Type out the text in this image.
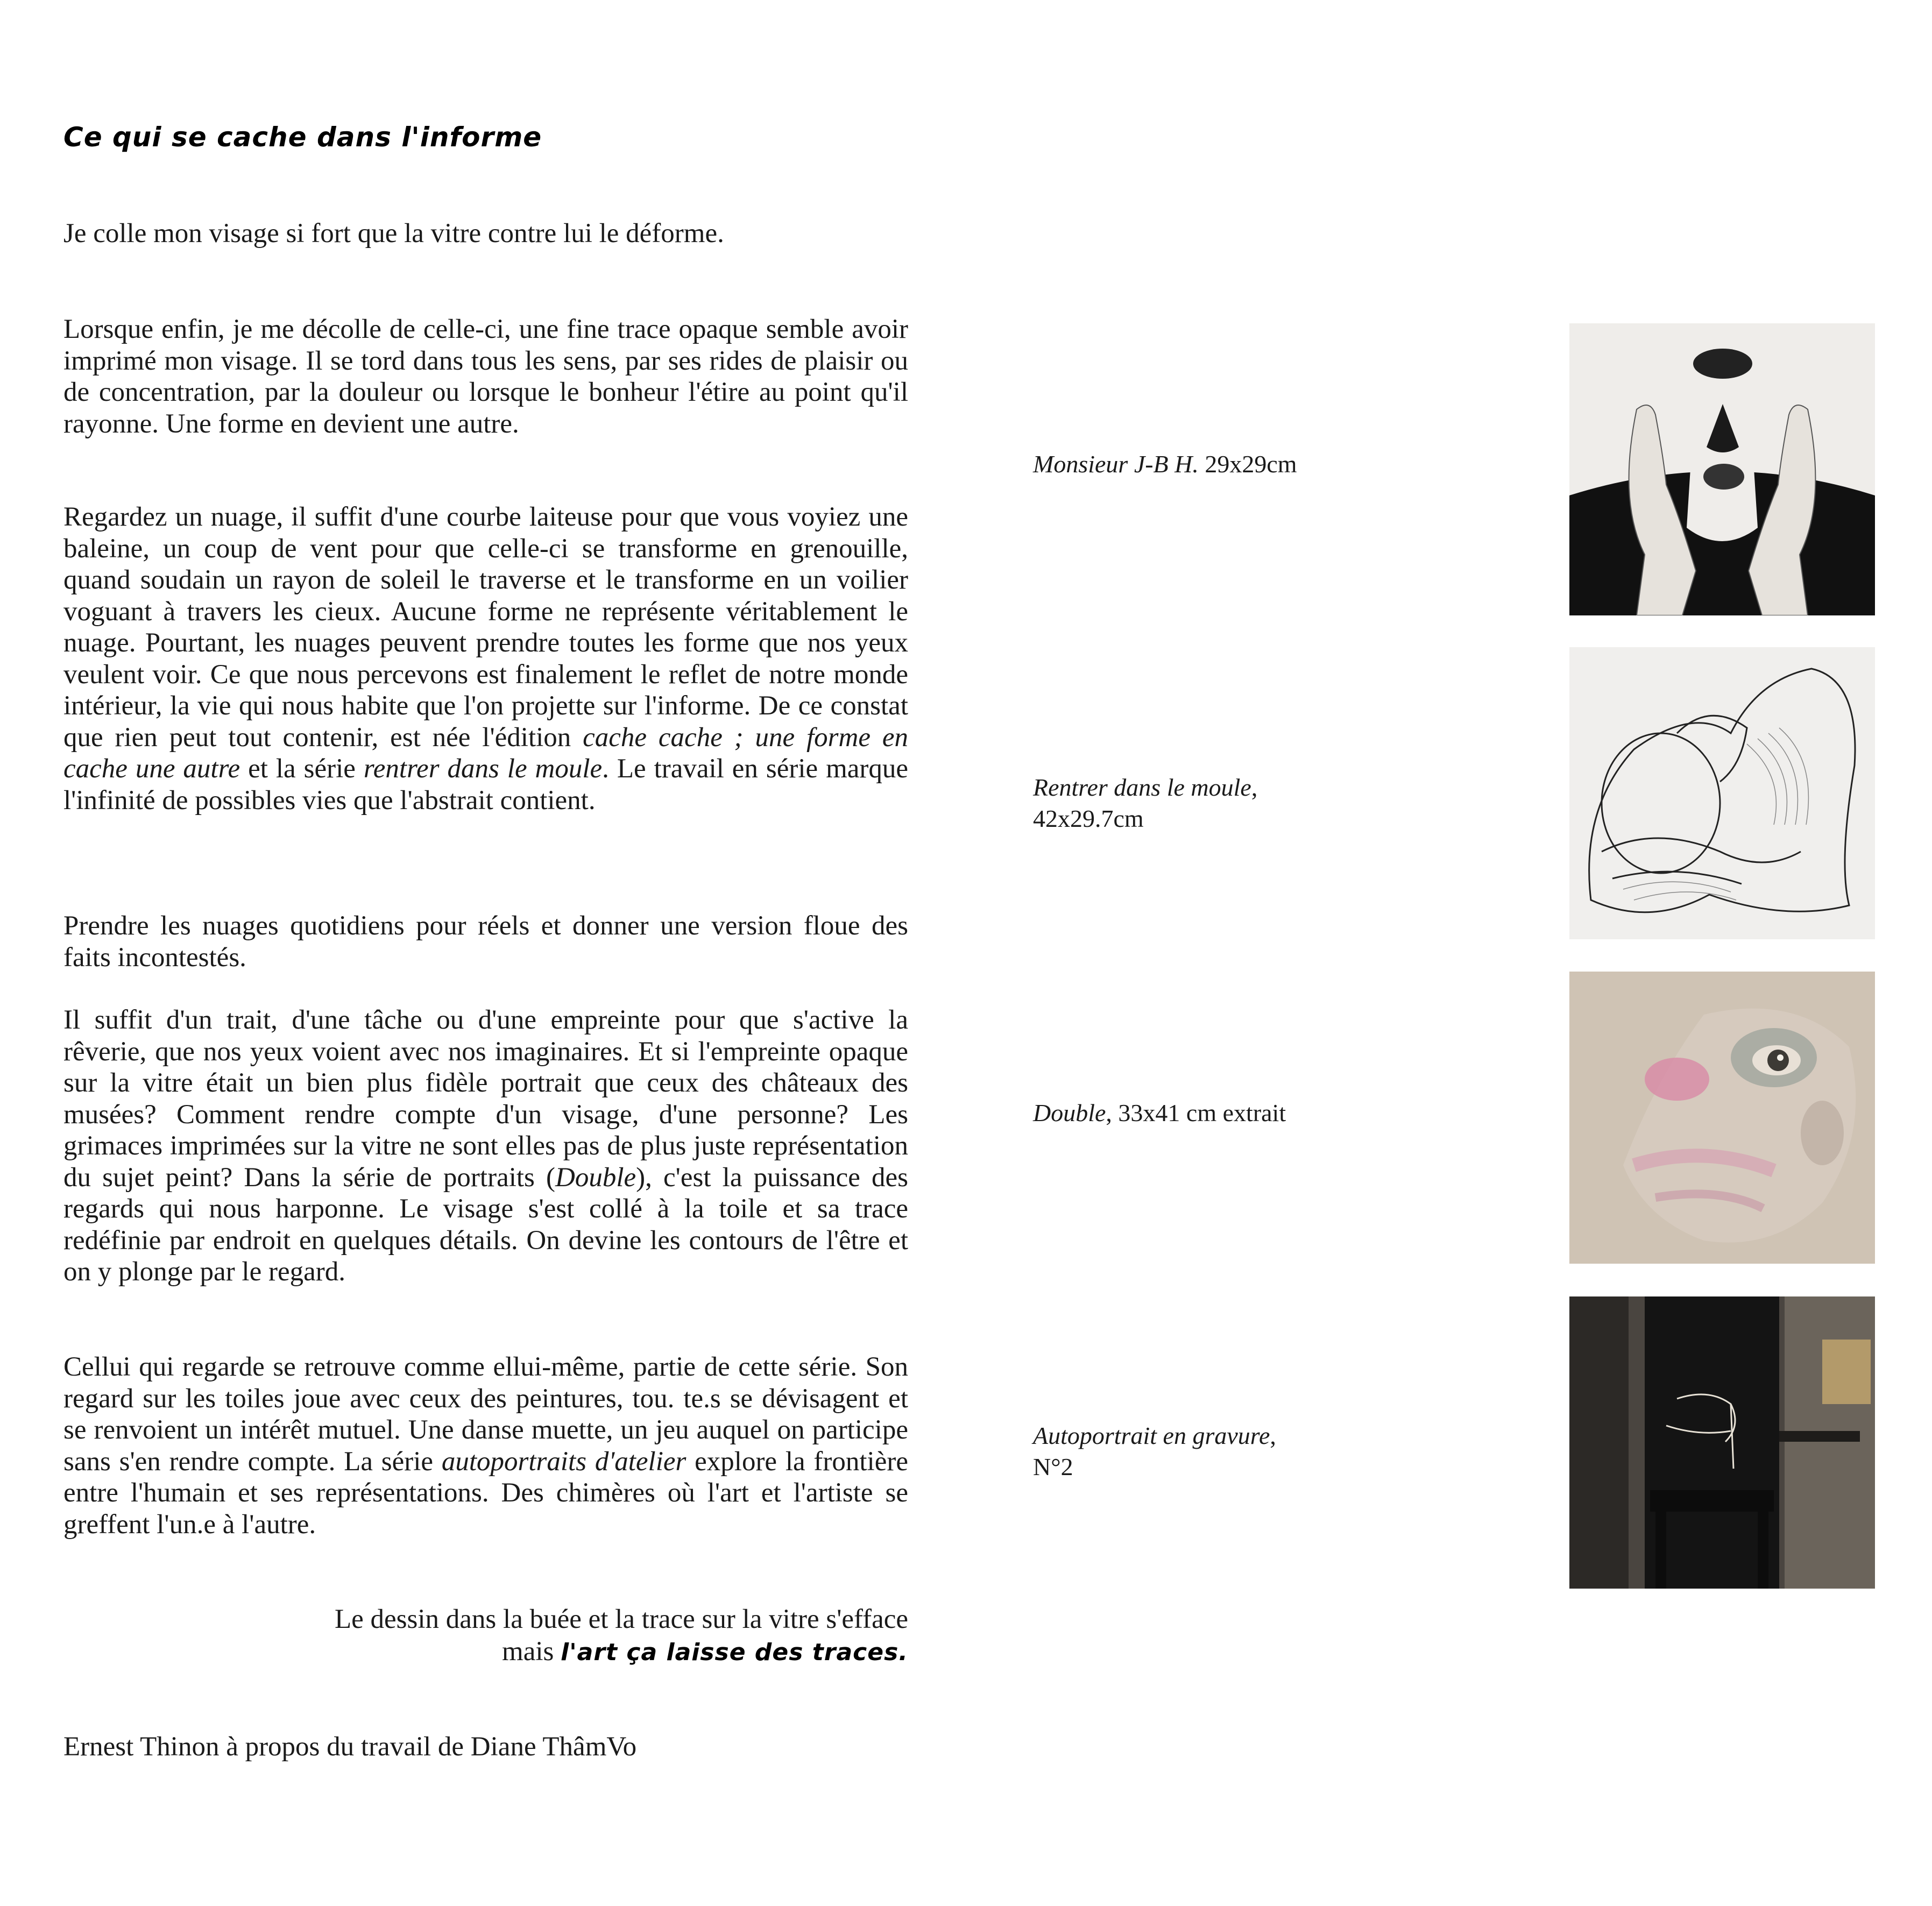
Ce qui se cache dans l'informe

Je colle mon visage si fort que la vitre contre lui le déforme.

Lorsque enfin, je me décolle de celle-ci, une fine trace opaque semble avoir imprimé mon visage. Il se tord dans tous les sens, par ses rides de plaisir ou de concentration, par la douleur ou lorsque le bonheur l'étire au point qu'il rayonne. Une forme en devient une autre.

Regardez un nuage, il suffit d'une courbe laiteuse pour que vous voyiez une baleine, un coup de vent pour que celle-ci se transforme en grenouille, quand soudain un rayon de soleil le traverse et le transforme en un voilier voguant à travers les cieux. Aucune forme ne représente véritablement le nuage. Pourtant, les nuages peuvent prendre toutes les forme que nos yeux veulent voir. Ce que nous percevons est finalement le reflet de notre monde intérieur, la vie qui nous habite que l'on projette sur l'informe. De ce constat que rien peut tout contenir, est née l'édition cache cache ; une forme en cache une autre et la série rentrer dans le moule. Le travail en série marque l'infinité de possibles vies que l'abstrait contient.

Prendre les nuages quotidiens pour réels et donner une version floue des faits incontestés.

Il suffit d'un trait, d'une tâche ou d'une empreinte pour que s'active la rêverie, que nos yeux voient avec nos imaginaires. Et si l'empreinte opaque sur la vitre était un bien plus fidèle portrait que ceux des châteaux des musées? Comment rendre compte d'un visage, d'une personne? Les grimaces imprimées sur la vitre ne sont elles pas de plus juste représentation du sujet peint? Dans la série de portraits (Double), c'est la puissance des regards qui nous harponne. Le visage s'est collé à la toile et sa trace redéfinie par endroit en quelques détails. On devine les contours de l'être et on y plonge par le regard.

Cellui qui regarde se retrouve comme ellui-même, partie de cette série. Son regard sur les toiles joue avec ceux des peintures, tou. te.s se dévisagent et se renvoient un intérêt mutuel. Une danse muette, un jeu auquel on participe sans s'en rendre compte. La série autoportraits d'atelier explore la frontière entre l'humain et ses représentations. Des chimères où l'art et l'artiste se greffent l'un.e à l'autre.

Le dessin dans la buée et la trace sur la vitre s'efface
mais l'art ça laisse des traces.

Ernest Thinon à propos du travail de Diane ThâmVo

Monsieur J-B H. 29x29cm
Rentrer dans le moule,
42x29.7cm
Double, 33x41 cm extrait
Autoportrait en gravure,
N°2
